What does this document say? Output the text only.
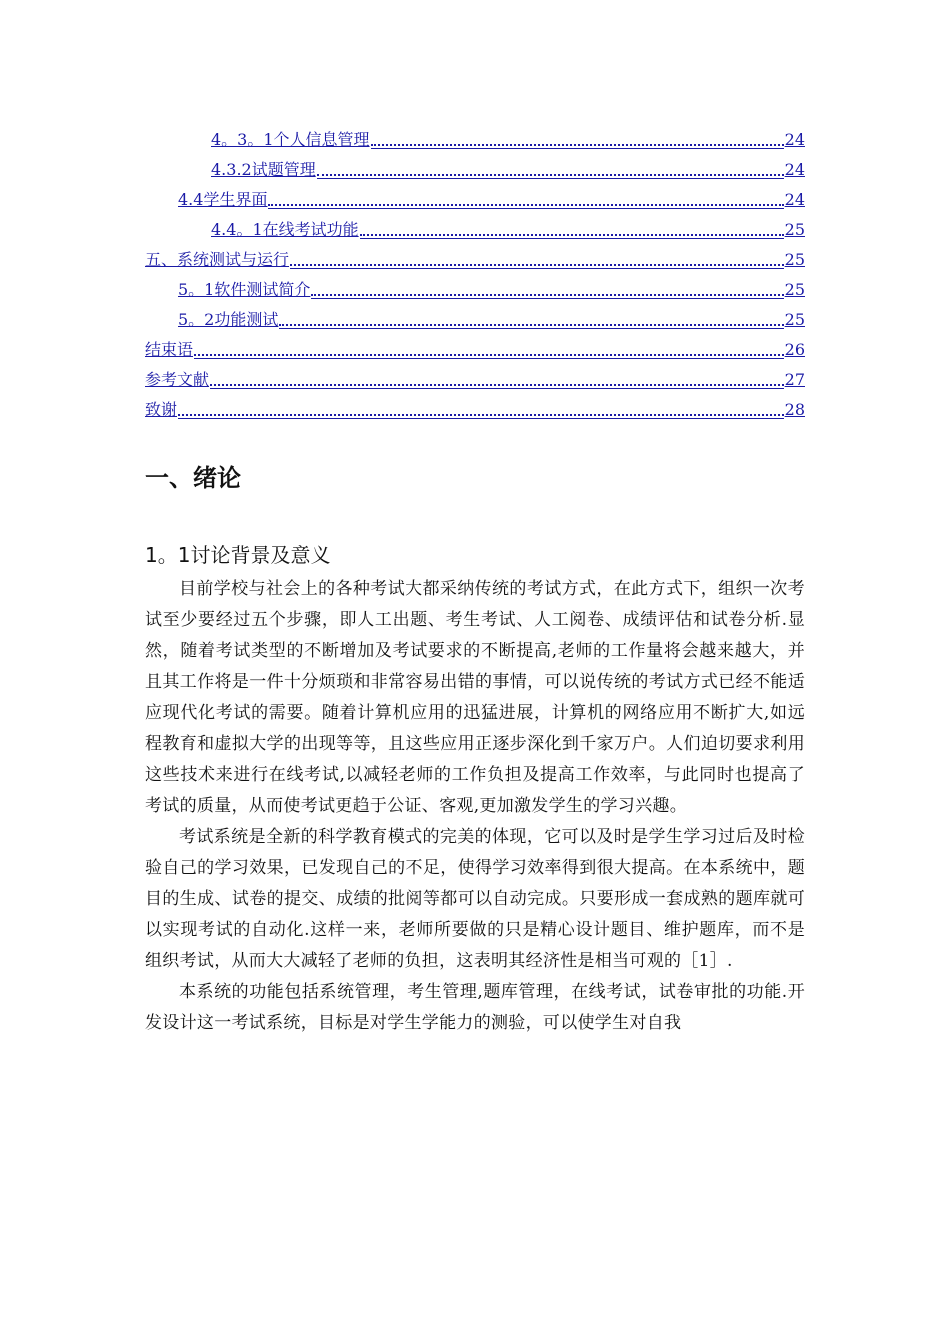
4。3。1个人信息管理	24
4.3.2试题管理	24
4.4学生界面	24
4.4。1在线考试功能	25
五、系统测试与运行	25
5。1软件测试简介	25
5。2功能测试	25
结束语	26
参考文献	27
致谢	28
一、绪论
1。1讨论背景及意义

目前学校与社会上的各种考试大都采纳传统的考试方式，在此方式下，组织一次考试至少要经过五个步骤，即人工出题、考生考试、人工阅卷、成绩评估和试卷分析.显然，随着考试类型的不断增加及考试要求的不断提高,老师的工作量将会越来越大，并且其工作将是一件十分烦琐和非常容易出错的事情，可以说传统的考试方式已经不能适应现代化考试的需要。随着计算机应用的迅猛进展，计算机的网络应用不断扩大,如远程教育和虚拟大学的出现等等，且这些应用正逐步深化到千家万户。人们迫切要求利用这些技术来进行在线考试,以减轻老师的工作负担及提高工作效率，与此同时也提高了考试的质量，从而使考试更趋于公证、客观,更加激发学生的学习兴趣。

考试系统是全新的科学教育模式的完美的体现，它可以及时是学生学习过后及时检验自己的学习效果，已发现自己的不足，使得学习效率得到很大提高。在本系统中，题目的生成、试卷的提交、成绩的批阅等都可以自动完成。只要形成一套成熟的题库就可以实现考试的自动化.这样一来，老师所要做的只是精心设计题目、维护题库，而不是组织考试，从而大大减轻了老师的负担，这表明其经济性是相当可观的［1］.

本系统的功能包括系统管理，考生管理,题库管理，在线考试，试卷审批的功能.开发设计这一考试系统，目标是对学生学能力的测验，可以使学生对自我
